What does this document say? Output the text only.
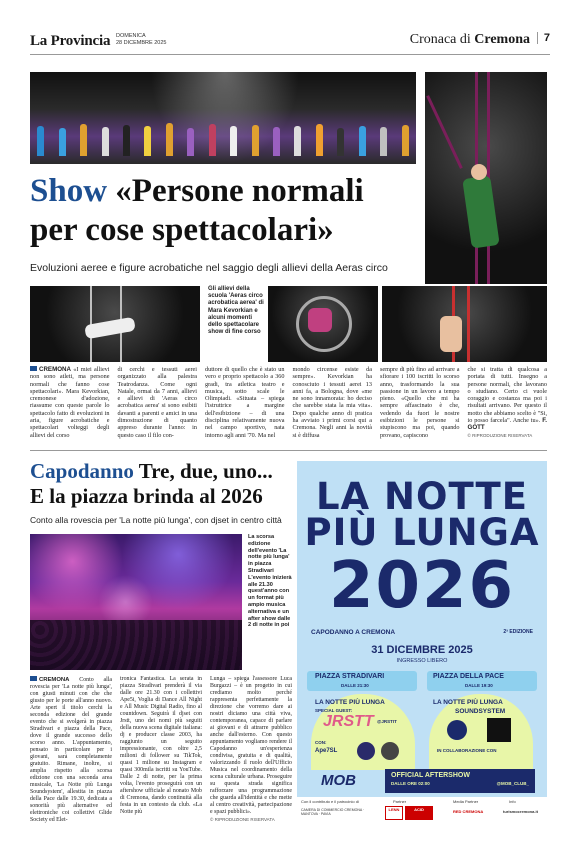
La Provincia DOMENICA
28 DICEMBRE 2025	Cronaca di Cremona	7
Show «Persone normali
per cose spettacolari»
Evoluzioni aeree e figure acrobatiche nel saggio degli allievi della Aeras circo
Gli allievi della scuola 'Aeras circo acrobatica aerea' di Mara Kevorkian e alcuni momenti dello spettacolare show di fine corso

CREMONA «I miei allievi non sono atleti, ma persone normali che fanno cose spettacolari». Mara Kevorkian, cremonese d'adozione, riassume con queste parole lo spettacolo fatto di evoluzioni in aria, figure acrobatiche e spettacolari volteggi degli allievi del corso

di cerchi e tessuti aerei organizzato alla palestra Teatrodanza. Come ogni Natale, ormai da 7 anni, allievi e allievi di 'Aeras circo acrobatica aerea' si sono esibiti davanti a parenti e amici in una dimostrazione di quanto appreso durante l'anno: in questo caso il filo con-

duttore di quello che è stato un vero e proprio spettacolo a 360 gradi, tra atletica teatro e musica, sotto scale le Olimpiadi. «Situata – spiega l'istruttrice a margine dell'esibizione – di una disciplina relativamente nuova nel campo sportivo, nata intorno agli anni '70. Ma nel

mondo circense esiste da sempre». Kevorkian ha conosciuto i tessuti aerei 13 anni fa, a Bologna, dove «me ne sono innamorata: ho deciso che sarebbe stata la mia vita». Dopo qualche anno di pratica ha avviato i primi corsi qui a Cremona. Negli anni la novità si è diffusa

sempre di più fino ad arrivare a sfiorare i 100 iscritti lo scorso anno, trasformando la sua passione in un lavoro a tempo pieno. «Quello che mi ha sempre affascinato è che, vedendo da fuori le nostre esibizioni le persone si stupiscono ma poi, quando provano, capiscono

che si tratta di qualcosa a portata di tutti. Insegno a persone normali, che lavorano o studiano. Certo ci vuole coraggio e costanza ma poi i risultati arrivano. Per questo il motto che abbiamo scelto è "Si, io posso farcela". Anche tu». F. GOTT
© RIPRODUZIONE RISERVATA

Capodanno Tre, due, uno...
E la piazza brinda al 2026
Conto alla rovescia per 'La notte più lunga', con djset in centro città
La scorsa edizione dell'evento 'La notte più lunga' in piazza Stradivari L'evento inizierà alle 21.30 quest'anno con un format più ampio musica alternativa e un after show dalle 2 di notte in poi

CREMONA Conto alla rovescia per 'La notte più lunga', con giusti minuti con che che giusto per le porte all'anno nuovo. Arte spert il titolo cerchi la seconda edizione del grande evento che si svolgerà in piazza Stradivari e piazza della Pace, dove il grande successo dello scorso anno. L'appuntamento, pensato in particolare per i giovani, sarà completamente gratuito. Rimane, inoltre, si amplia rispetto alla scorsa edizione con una seconda area musicale, 'La Notte più Lunga Soundsystem', allestita in piazza della Pace dalle 19.30, dedicata a sonorità più alternative ed elettroniche coi collettivi Glide Society ed Elet-

tronica Fantastica. La serata in piazza Stradivari prenderà il via dalle ore 21.30 con i collettivi Ape5i, Voglia di Dance All Night e All Music Digital Radio, fino al countdown. Seguirà il djset con Jrstt, uno dei nomi più seguiti della nuova scena digitale italiana: dj e producer classe 2003, ha raggiunto un seguito impressionante, con oltre 2,5 milioni di follower su TikTok, quasi 1 milione su Instagram e quasi 300mila iscritti su YouTube. Dalle 2 di notte, per la prima volta, l'evento proseguirà con un aftershow ufficiale al nonato Mob di Cremona, dando continuità alla festa in un contesto da club. «La Notte più

Lunga – spiega l'assessore Luca Burgazzi – è un progetto in cui crediamo molto perché rappresenta perfettamente la direzione che vorremo dare ai nostri diciamo una città viva, contemporanea, capace di parlare ai giovani e di attrarre pubblico anche dall'esterno. Con questo appuntamento vogliamo rendere il Capodanno un'esperienza condivisa, gratuita e di qualità, valorizzando il ruolo dell'Ufficio Musica nel coordinamento della scena culturale urbana. Proseguire su questa strada significa rafforzare una programmazione che guarda all'identità e che mette al centro creatività, partecipazione e spazi pubblici».
© RIPRODUZIONE RISERVATA

LA NOTTE
PIÙ LUNGA
2026
CAPODANNO A CREMONA	2ª EDIZIONE
31 DICEMBRE 2025
INGRESSO LIBERO
PIAZZA STRADIVARI
DALLE 21:30
PIAZZA DELLA PACE
DALLE 19:30
LA NOTTE PIÙ LUNGA
SPECIAL GUEST:
JRSTT @JRSTIT
CON:
Ape7SL
LA NOTTE PIÙ LUNGA
SOUNDSYSTEM
IN COLLABORAZIONE CON
MOB	OFFICIAL AFTERSHOW
DALLE ORE 02:00	@MOB_CLUB_
Con il contributo e il patrocinio di
CAMERA DI COMMERCIO CREMONA · MANTOVA · PAVIA
Partner
LENN	ACID
Media Partner
RED CREMONA
Info
turismocremona.it
